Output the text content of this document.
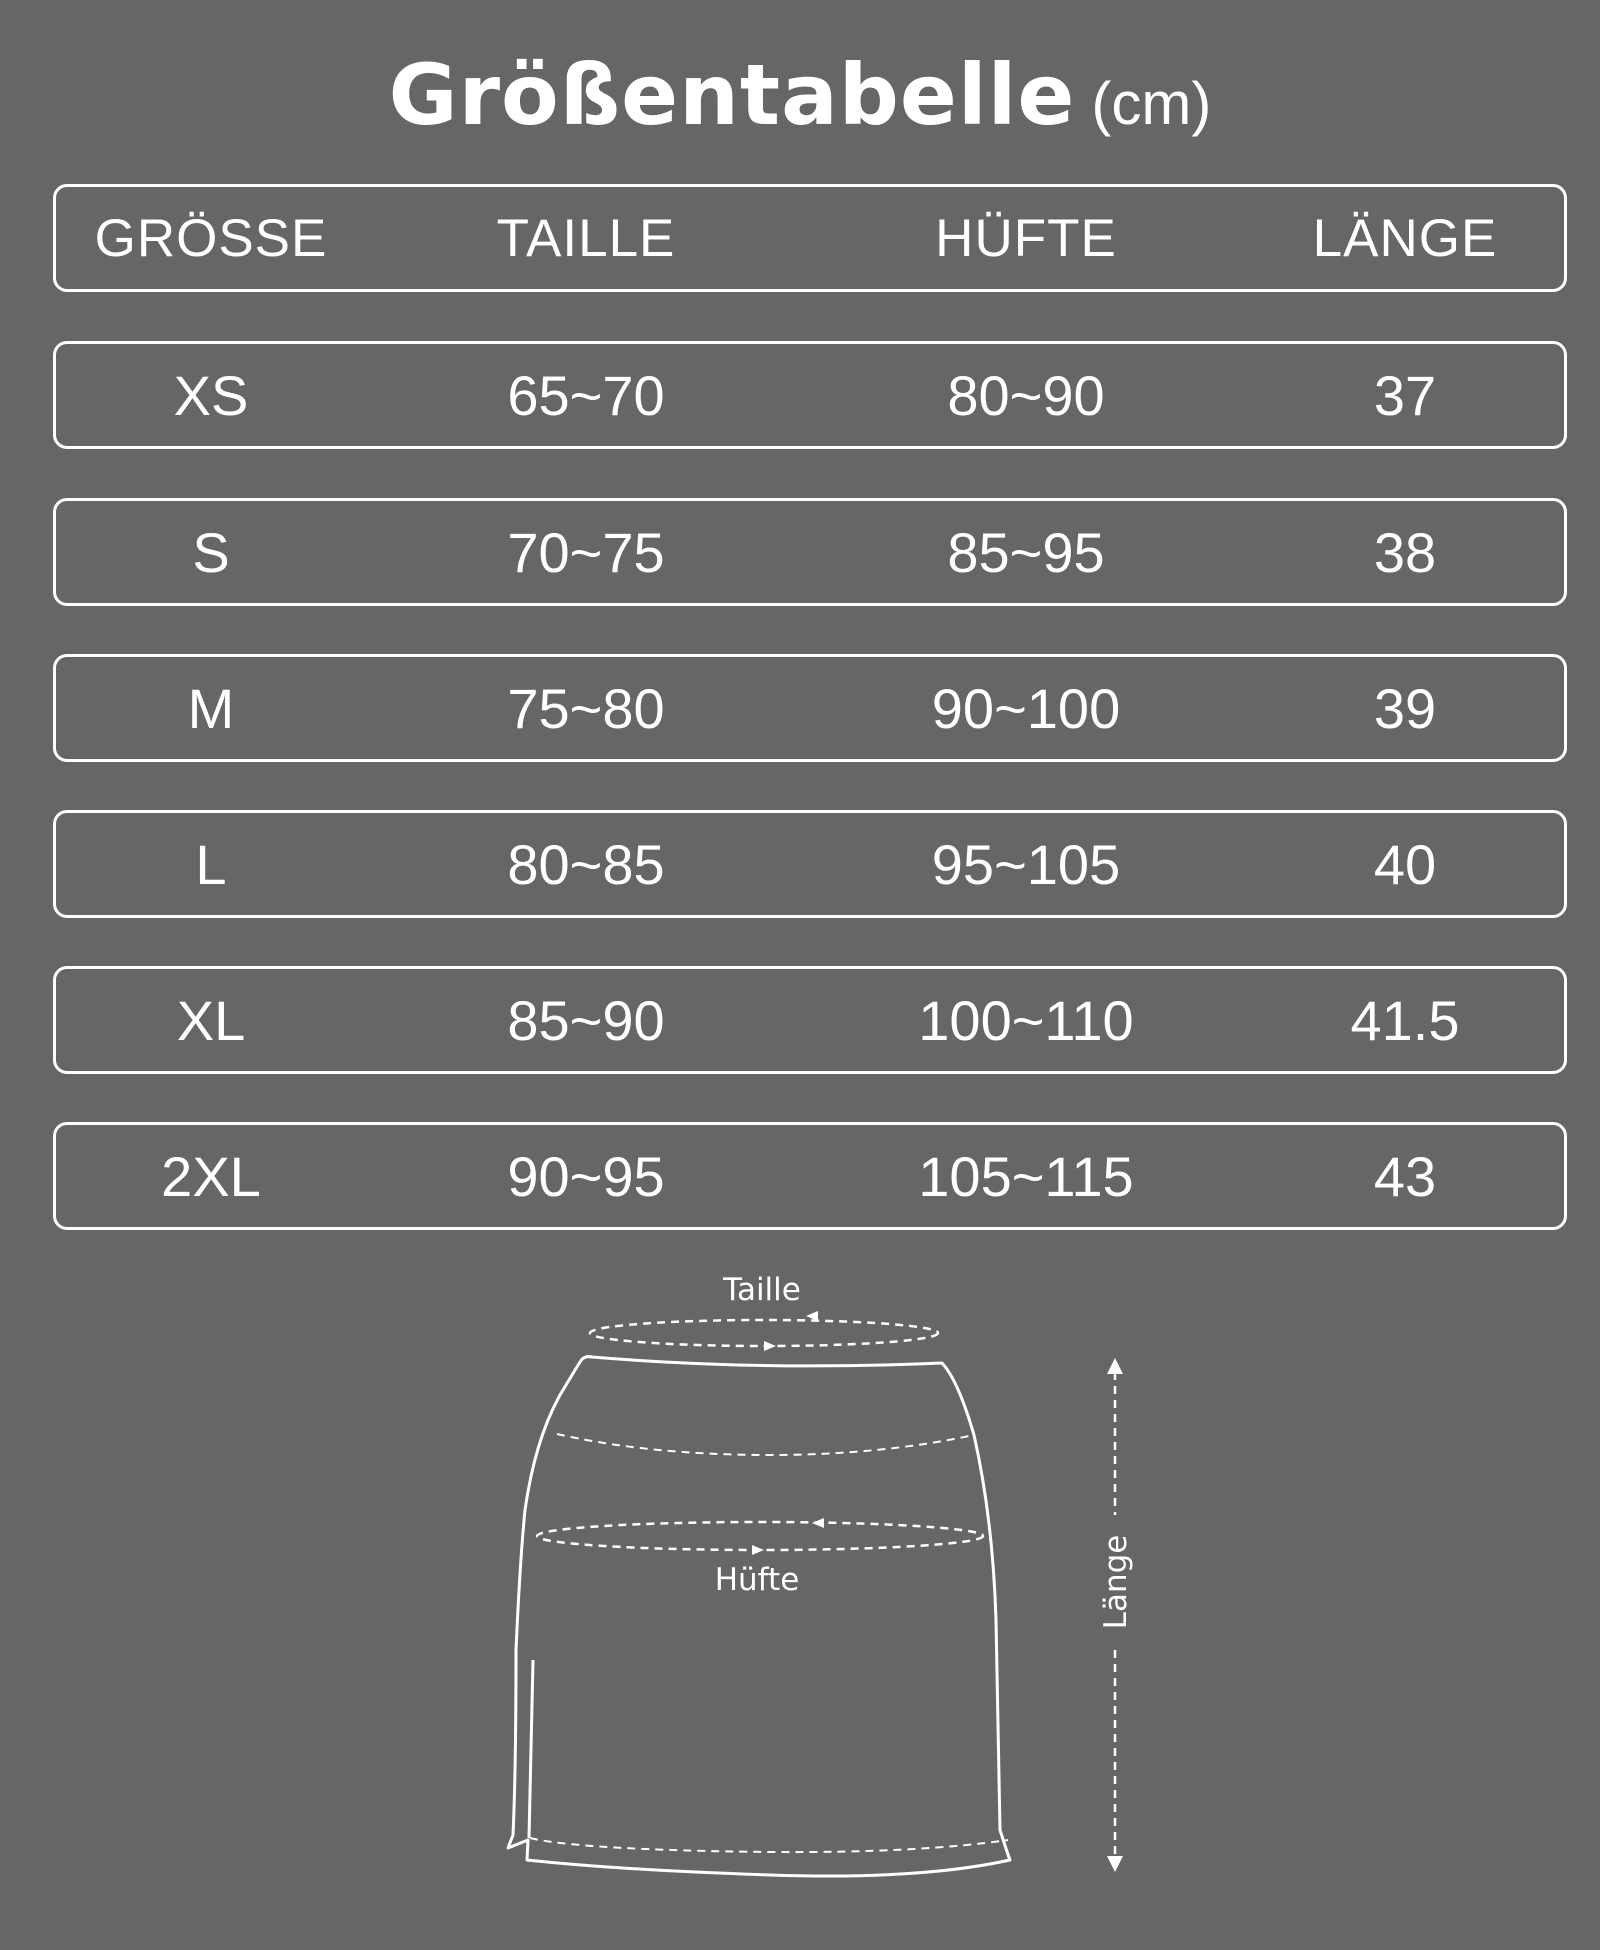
Größentabelle (cm)
GRÖSSE	TAILLE	HÜFTE	LÄNGE
XS	65~70	80~90	37
S	70~75	85~95	38
M	75~80	90~100	39
L	80~85	95~105	40
XL	85~90	100~110	41.5
2XL	90~95	105~115	43
Taille
Hüfte	Länge
